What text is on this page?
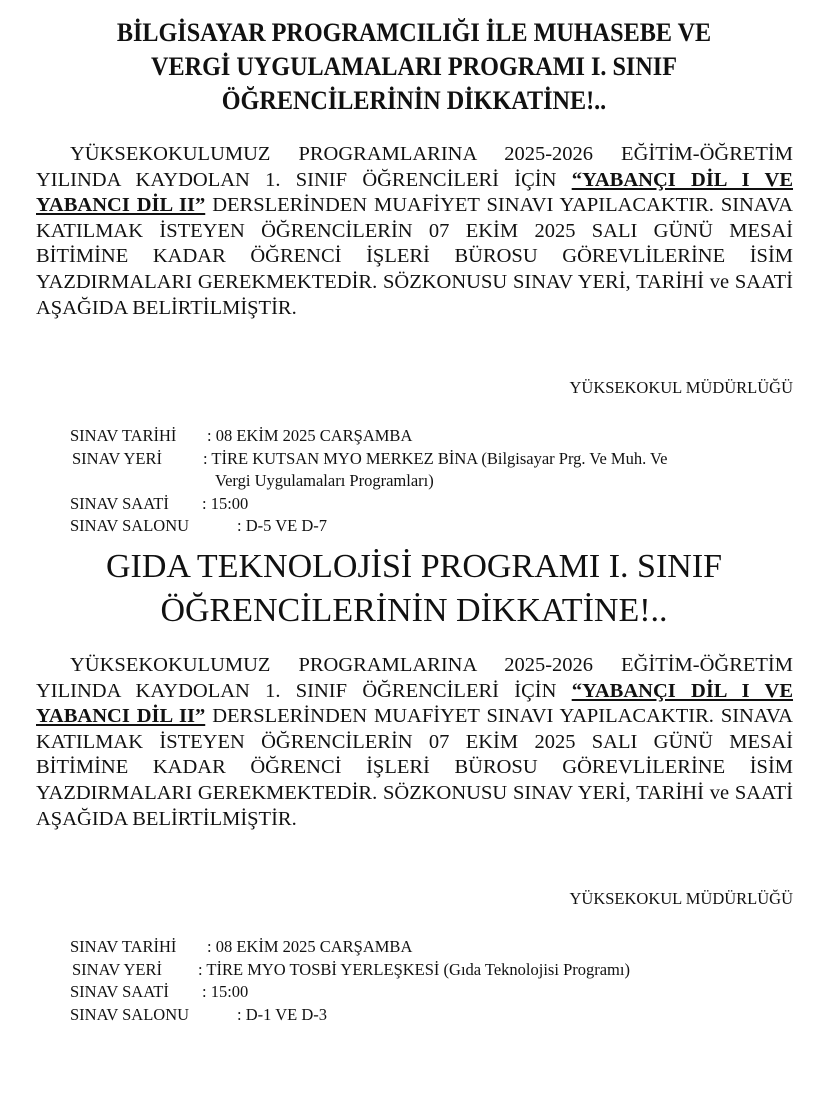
BİLGİSAYAR PROGRAMCILIĞI İLE MUHASEBE VE
VERGİ UYGULAMALARI PROGRAMI I. SINIF
ÖĞRENCİLERİNİN DİKKATİNE!..
YÜKSEKOKULUMUZ PROGRAMLARINA 2025-2026 EĞİTİM-ÖĞRETİM YILINDA KAYDOLAN 1. SINIF ÖĞRENCİLERİ İÇİN “YABANÇI DİL I VE YABANCI DİL II” DERSLERİNDEN MUAFİYET SINAVI YAPILACAKTIR. SINAVA KATILMAK İSTEYEN ÖĞRENCİLERİN 07 EKİM 2025 SALI GÜNÜ MESAİ BİTİMİNE KADAR ÖĞRENCİ İŞLERİ BÜROSU GÖREVLİLERİNE İSİM YAZDIRMALARI GEREKMEKTEDİR. SÖZKONUSU SINAV YERİ, TARİHİ ve SAATİ AŞAĞIDA BELİRTİLMİŞTİR.
YÜKSEKOKUL MÜDÜRLÜĞÜ
SINAV TARİHİ	: 08 EKİM 2025 CARŞAMBA
SINAV YERİ	: TİRE KUTSAN MYO MERKEZ BİNA (Bilgisayar Prg. Ve Muh. Ve
Vergi Uygulamaları Programları)
SINAV SAATİ	: 15:00
SINAV SALONU	: D-5 VE D-7
GIDA TEKNOLOJİSİ PROGRAMI I. SINIF
ÖĞRENCİLERİNİN DİKKATİNE!..
YÜKSEKOKULUMUZ PROGRAMLARINA 2025-2026 EĞİTİM-ÖĞRETİM YILINDA KAYDOLAN 1. SINIF ÖĞRENCİLERİ İÇİN “YABANÇI DİL I VE YABANCI DİL II” DERSLERİNDEN MUAFİYET SINAVI YAPILACAKTIR. SINAVA KATILMAK İSTEYEN ÖĞRENCİLERİN 07 EKİM 2025 SALI GÜNÜ MESAİ BİTİMİNE KADAR ÖĞRENCİ İŞLERİ BÜROSU GÖREVLİLERİNE İSİM YAZDIRMALARI GEREKMEKTEDİR. SÖZKONUSU SINAV YERİ, TARİHİ ve SAATİ AŞAĞIDA BELİRTİLMİŞTİR.
YÜKSEKOKUL MÜDÜRLÜĞÜ
SINAV TARİHİ	: 08 EKİM 2025 CARŞAMBA
SINAV YERİ	: TİRE MYO TOSBİ YERLEŞKESİ (Gıda Teknolojisi Programı)
SINAV SAATİ	: 15:00
SINAV SALONU	: D-1 VE D-3
